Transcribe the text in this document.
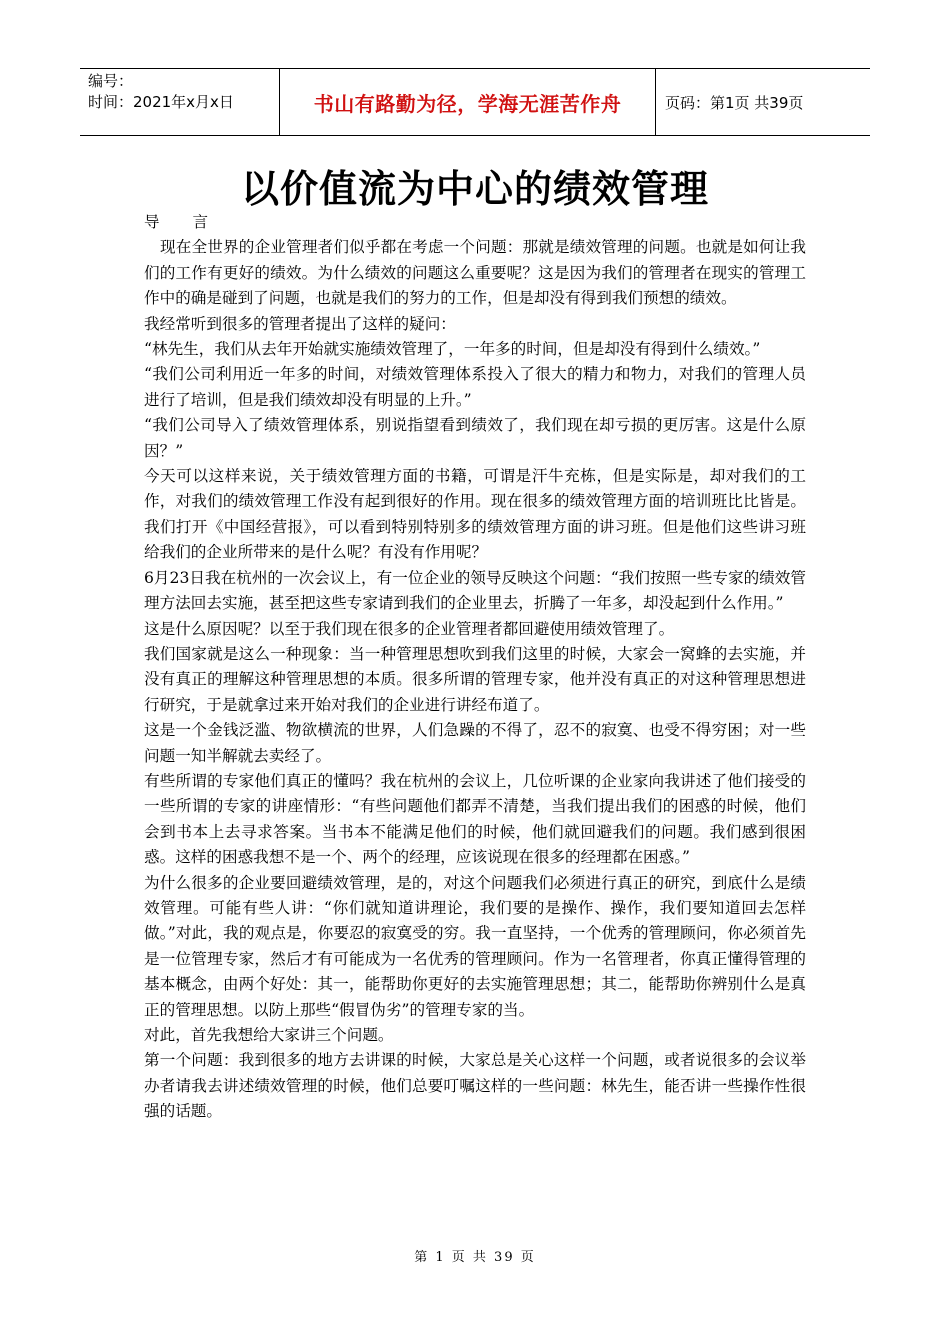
编号：
时间：2021年x月x日	书山有路勤为径，学海无涯苦作舟	页码：第1页 共39页
以价值流为中心的绩效管理

导 言

现在全世界的企业管理者们似乎都在考虑一个问题：那就是绩效管理的问题。也就是如何让我们的工作有更好的绩效。为什么绩效的问题这么重要呢？这是因为我们的管理者在现实的管理工作中的确是碰到了问题，也就是我们的努力的工作，但是却没有得到我们预想的绩效。

我经常听到很多的管理者提出了这样的疑问：

“林先生，我们从去年开始就实施绩效管理了，一年多的时间，但是却没有得到什么绩效。”

“我们公司利用近一年多的时间，对绩效管理体系投入了很大的精力和物力，对我们的管理人员进行了培训，但是我们绩效却没有明显的上升。”

“我们公司导入了绩效管理体系，别说指望看到绩效了，我们现在却亏损的更厉害。这是什么原因？”

今天可以这样来说，关于绩效管理方面的书籍，可谓是汗牛充栋，但是实际是，却对我们的工作，对我们的绩效管理工作没有起到很好的作用。现在很多的绩效管理方面的培训班比比皆是。我们打开《中国经营报》，可以看到特别特别多的绩效管理方面的讲习班。但是他们这些讲习班给我们的企业所带来的是什么呢？有没有作用呢？

6月23日我在杭州的一次会议上，有一位企业的领导反映这个问题：“我们按照一些专家的绩效管理方法回去实施，甚至把这些专家请到我们的企业里去，折腾了一年多，却没起到什么作用。”

这是什么原因呢？以至于我们现在很多的企业管理者都回避使用绩效管理了。

我们国家就是这么一种现象：当一种管理思想吹到我们这里的时候，大家会一窝蜂的去实施，并没有真正的理解这种管理思想的本质。很多所谓的管理专家，他并没有真正的对这种管理思想进行研究，于是就拿过来开始对我们的企业进行讲经布道了。

这是一个金钱泛滥、物欲横流的世界，人们急躁的不得了，忍不的寂寞、也受不得穷困；对一些问题一知半解就去卖经了。

有些所谓的专家他们真正的懂吗？我在杭州的会议上，几位听课的企业家向我讲述了他们接受的一些所谓的专家的讲座情形：“有些问题他们都弄不清楚，当我们提出我们的困惑的时候，他们会到书本上去寻求答案。当书本不能满足他们的时候，他们就回避我们的问题。我们感到很困惑。这样的困惑我想不是一个、两个的经理，应该说现在很多的经理都在困惑。”

为什么很多的企业要回避绩效管理，是的，对这个问题我们必须进行真正的研究，到底什么是绩效管理。可能有些人讲：“你们就知道讲理论，我们要的是操作、操作，我们要知道回去怎样做。”对此，我的观点是，你要忍的寂寞受的穷。我一直坚持，一个优秀的管理顾问，你必须首先是一位管理专家，然后才有可能成为一名优秀的管理顾问。作为一名管理者，你真正懂得管理的基本概念，由两个好处：其一，能帮助你更好的去实施管理思想；其二，能帮助你辨别什么是真正的管理思想。以防上那些“假冒伪劣”的管理专家的当。

对此，首先我想给大家讲三个问题。

第一个问题：我到很多的地方去讲课的时候，大家总是关心这样一个问题，或者说很多的会议举办者请我去讲述绩效管理的时候，他们总要叮嘱这样的一些问题：林先生，能否讲一些操作性很强的话题。

第 1 页 共 39 页
